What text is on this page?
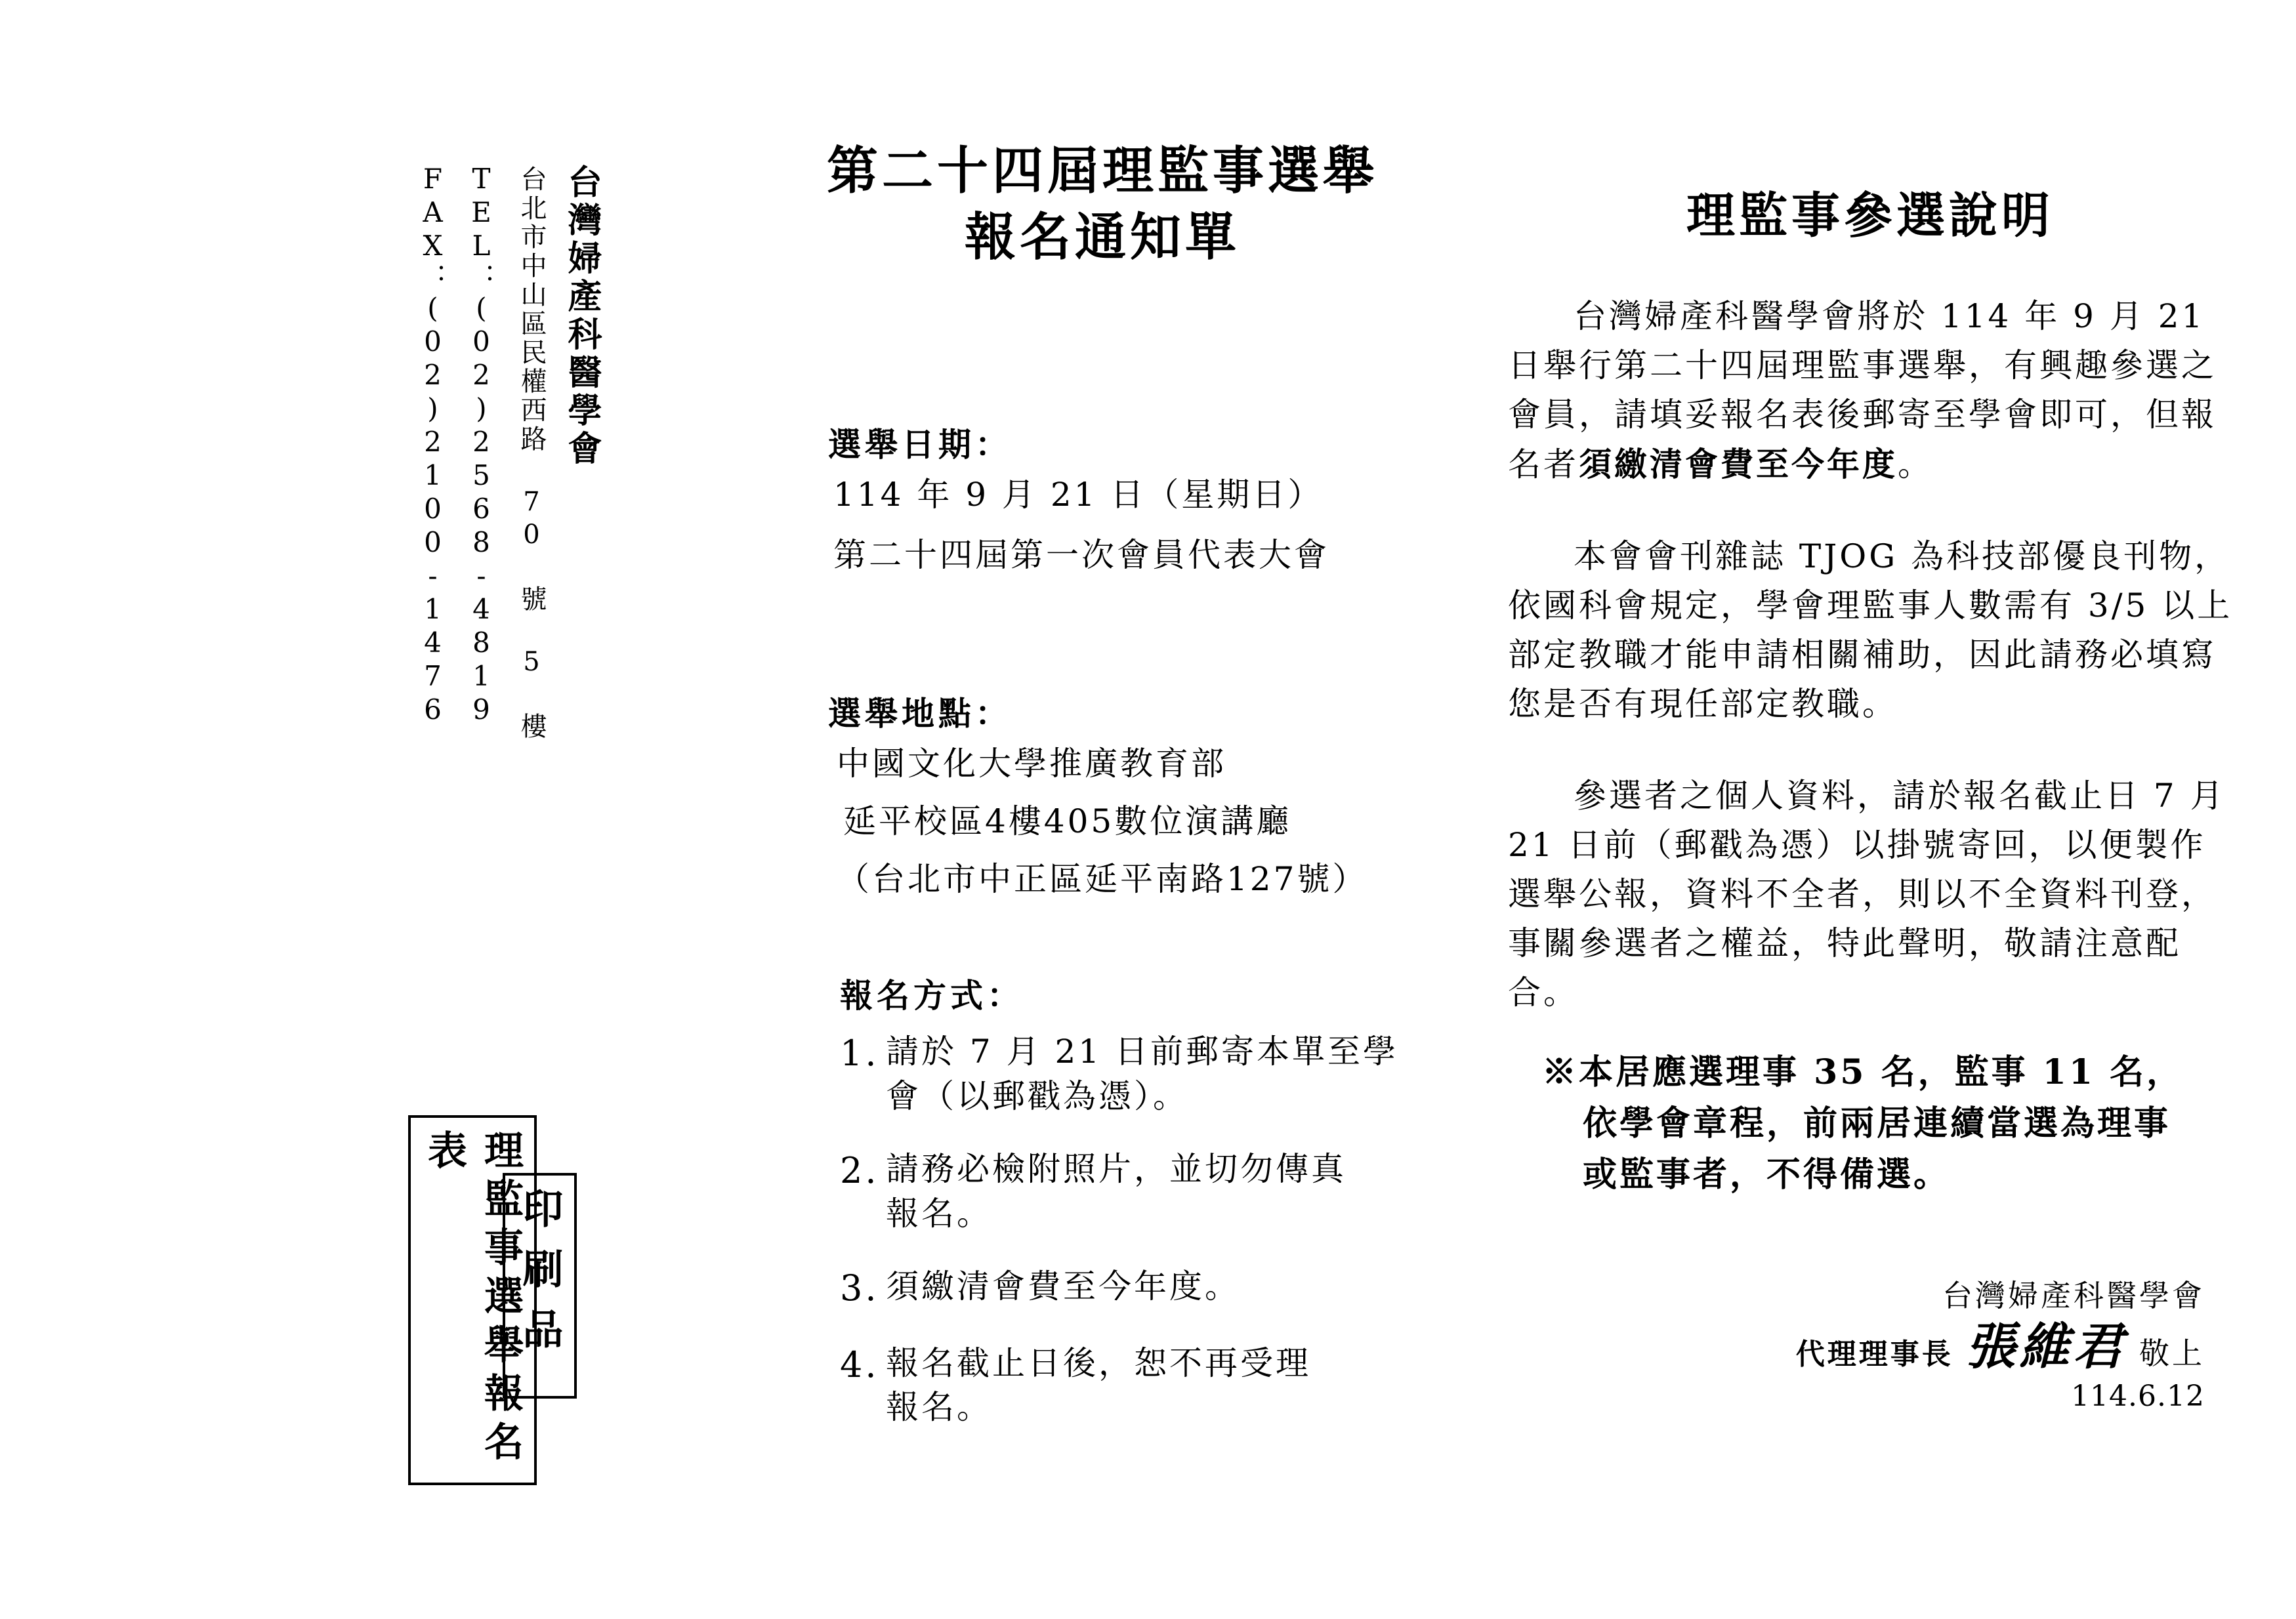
台灣婦產科醫學會
台北市中山區民權西路 70 號 5 樓
TEL：(02)2568-4819
FAX：(02)2100-1476
印刷品
理監事選舉報名表
第二十四屆理監事選舉
報名通知單
選舉日期：
114 年 9 月 21 日（星期日）
第二十四屆第一次會員代表大會
選舉地點：
中國文化大學推廣教育部
延平校區4樓405數位演講廳
（台北市中正區延平南路127號）
報名方式：
1. 請於 7 月 21 日前郵寄本單至學
會（以郵戳為憑）。
2. 請務必檢附照片，並切勿傳真
報名。
3. 須繳清會費至今年度。
4. 報名截止日後，恕不再受理
報名。
理監事參選說明

台灣婦產科醫學會將於 114 年 9 月 21 日舉行第二十四屆理監事選舉，有興趣參選之會員，請填妥報名表後郵寄至學會即可，但報名者須繳清會費至今年度。

本會會刊雜誌 TJOG 為科技部優良刊物，依國科會規定，學會理監事人數需有 3/5 以上部定教職才能申請相關補助，因此請務必填寫您是否有現任部定教職。

參選者之個人資料，請於報名截止日 7 月 21 日前（郵戳為憑）以掛號寄回，以便製作選舉公報，資料不全者，則以不全資料刊登，事關參選者之權益，特此聲明，敬請注意配合。

※本居應選理事 35 名，監事 11 名，
依學會章程，前兩居連續當選為理事
或監事者，不得備選。
台灣婦產科醫學會
代理理事長 張維君 敬上
114.6.12
